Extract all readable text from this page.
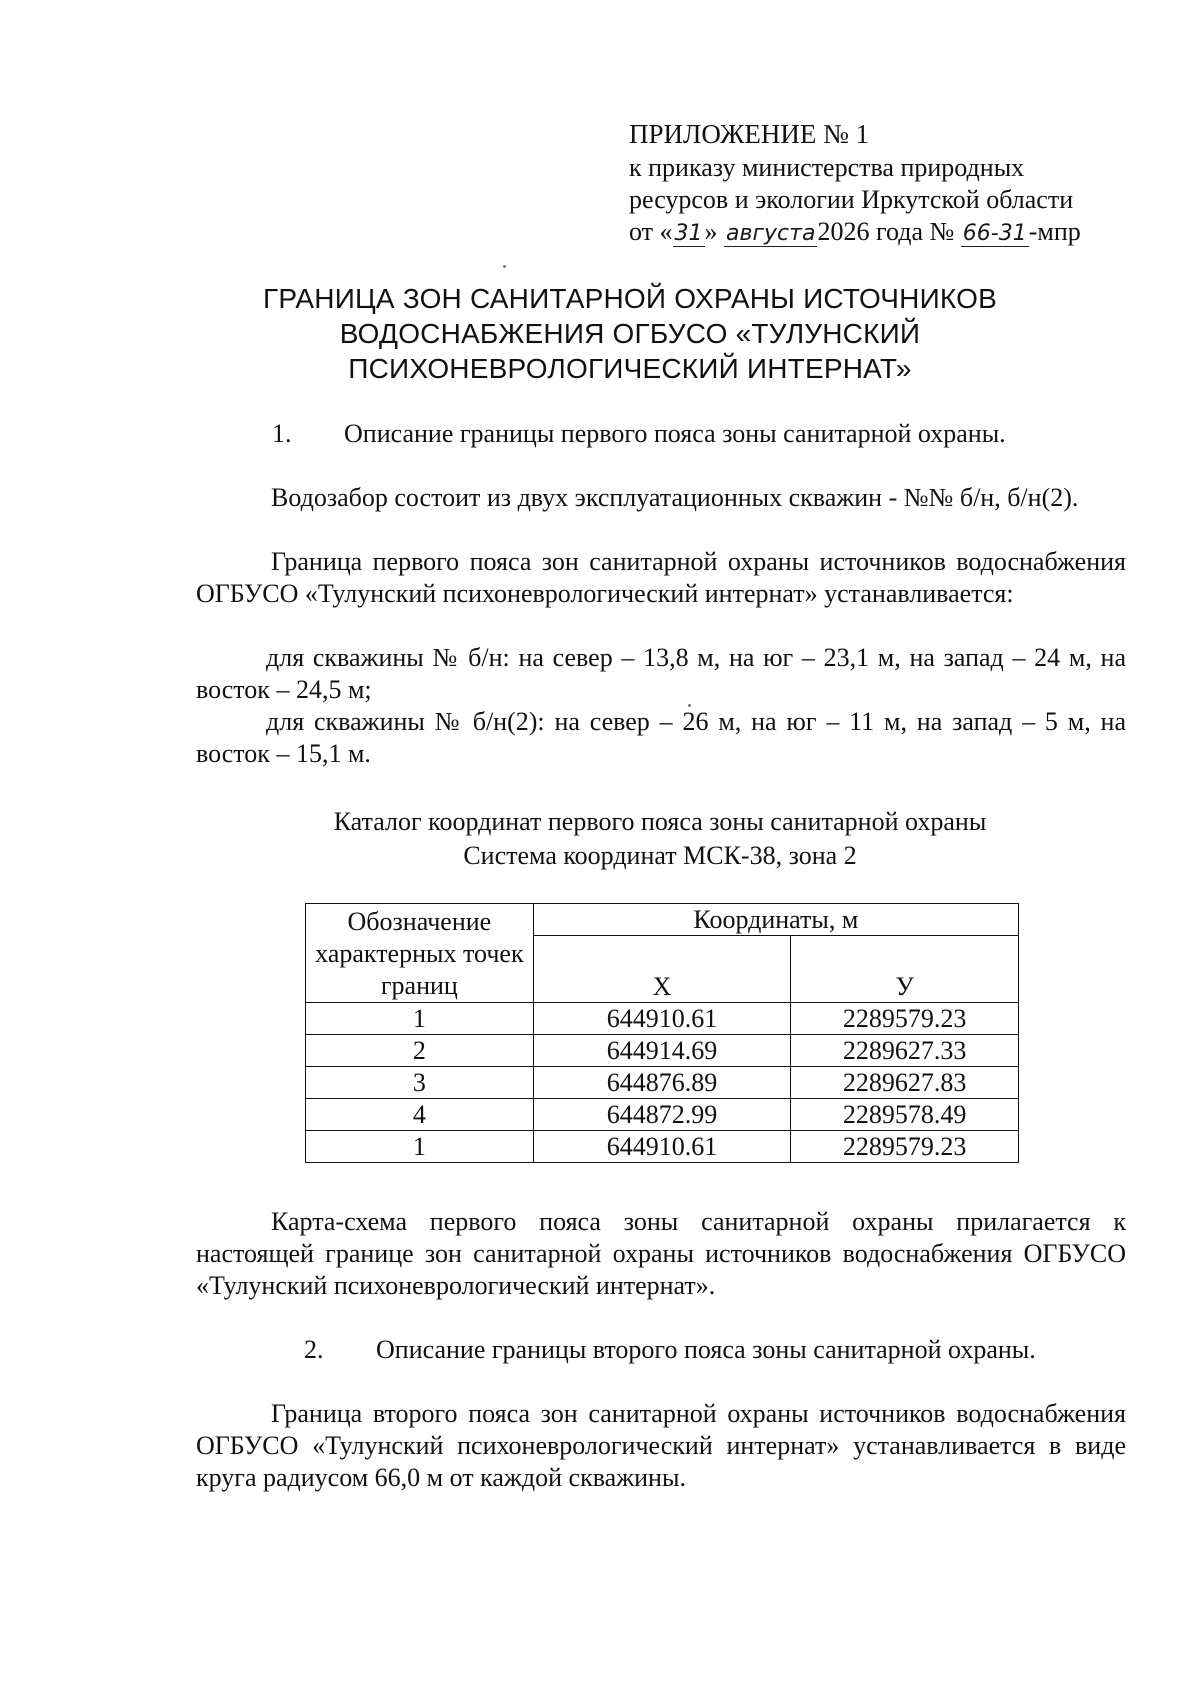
ПРИЛОЖЕНИЕ № 1
к приказу министерства природных
ресурсов и экологии Иркутской области
от «31» августа2026 года № 66-31-мпр
ГРАНИЦА ЗОН САНИТАРНОЙ ОХРАНЫ ИСТОЧНИКОВ
ВОДОСНАБЖЕНИЯ ОГБУСО «ТУЛУНСКИЙ
ПСИХОНЕВРОЛОГИЧЕСКИЙ ИНТЕРНАТ»
1. Описание границы первого пояса зоны санитарной охраны.
Водозабор состоит из двух эксплуатационных скважин - №№ б/н, б/н(2).
Граница первого пояса зон санитарной охраны источников водоснабжения ОГБУСО «Тулунский психоневрологический интернат» устанавливается:
для скважины № б/н: на север – 13,8 м, на юг – 23,1 м, на запад – 24 м, на восток – 24,5 м;
для скважины № б/н(2): на север – 26 м, на юг – 11 м, на запад – 5 м, на восток – 15,1 м.
Каталог координат первого пояса зоны санитарной охраны
Система координат МСК-38, зона 2
Обозначение характерных точек границ	Координаты, м	
	Х	У
1	644910.61	2289579.23
2	644914.69	2289627.33
3	644876.89	2289627.83
4	644872.99	2289578.49
1	644910.61	2289579.23
Карта-схема первого пояса зоны санитарной охраны прилагается к настоящей границе зон санитарной охраны источников водоснабжения ОГБУСО «Тулунский психоневрологический интернат».
2. Описание границы второго пояса зоны санитарной охраны.
Граница второго пояса зон санитарной охраны источников водоснабжения ОГБУСО «Тулунский психоневрологический интернат» устанавливается в виде круга радиусом 66,0 м от каждой скважины.
